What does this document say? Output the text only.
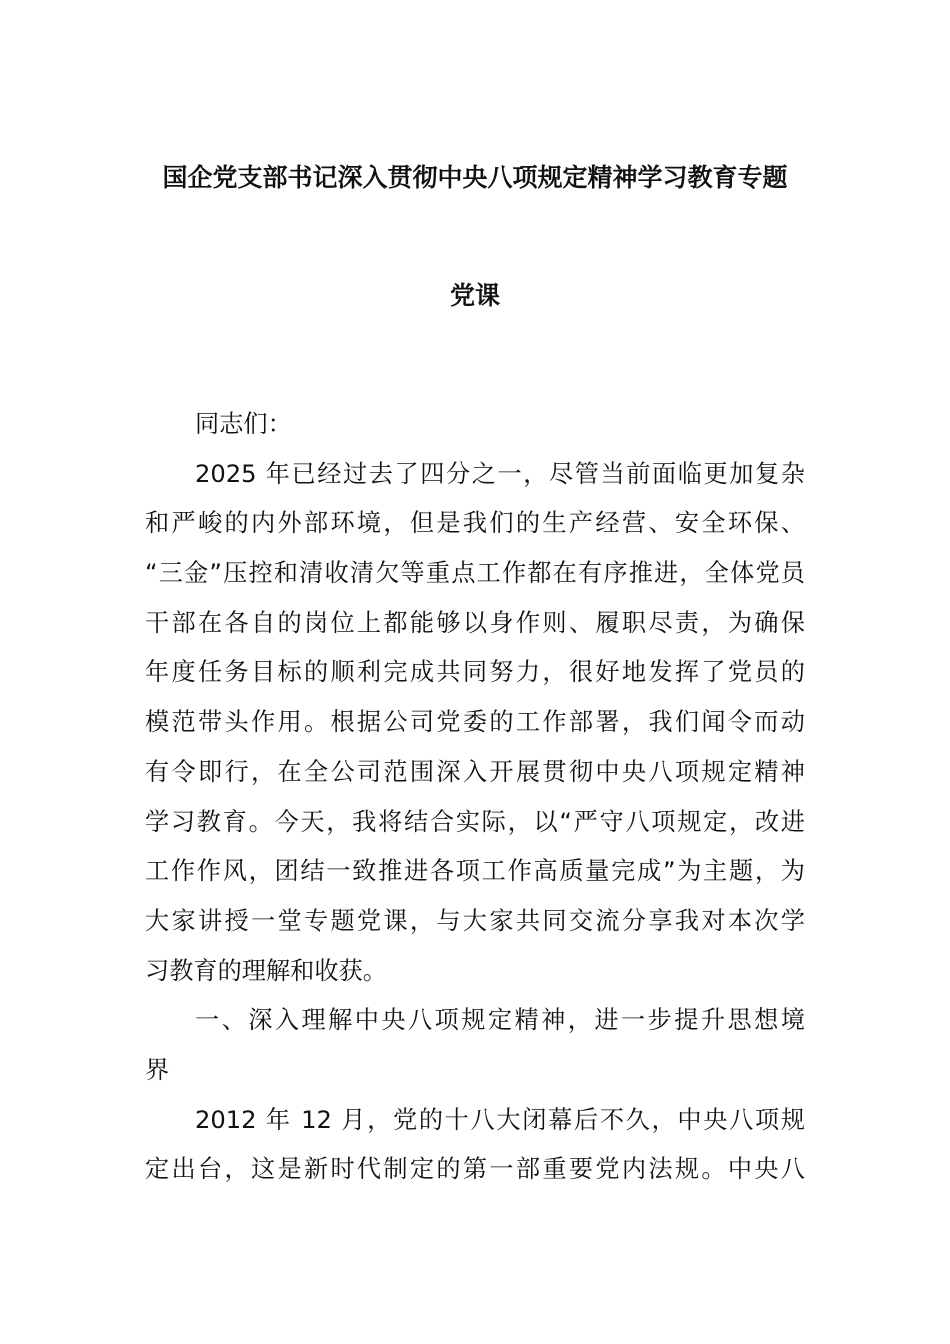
国企党支部书记深入贯彻中央八项规定精神学习教育专题
党课
同志们：
2025 年已经过去了四分之一，尽管当前面临更加复杂
和严峻的内外部环境，但是我们的生产经营、安全环保、
“三金”压控和清收清欠等重点工作都在有序推进，全体党员
干部在各自的岗位上都能够以身作则、履职尽责，为确保
年度任务目标的顺利完成共同努力，很好地发挥了党员的
模范带头作用。根据公司党委的工作部署，我们闻令而动
有令即行，在全公司范围深入开展贯彻中央八项规定精神
学习教育。今天，我将结合实际，以“严守八项规定，改进
工作作风，团结一致推进各项工作高质量完成”为主题，为
大家讲授一堂专题党课，与大家共同交流分享我对本次学
习教育的理解和收获。
一、深入理解中央八项规定精神，进一步提升思想境
界
2012 年 12 月，党的十八大闭幕后不久，中央八项规
定出台，这是新时代制定的第一部重要党内法规。中央八
